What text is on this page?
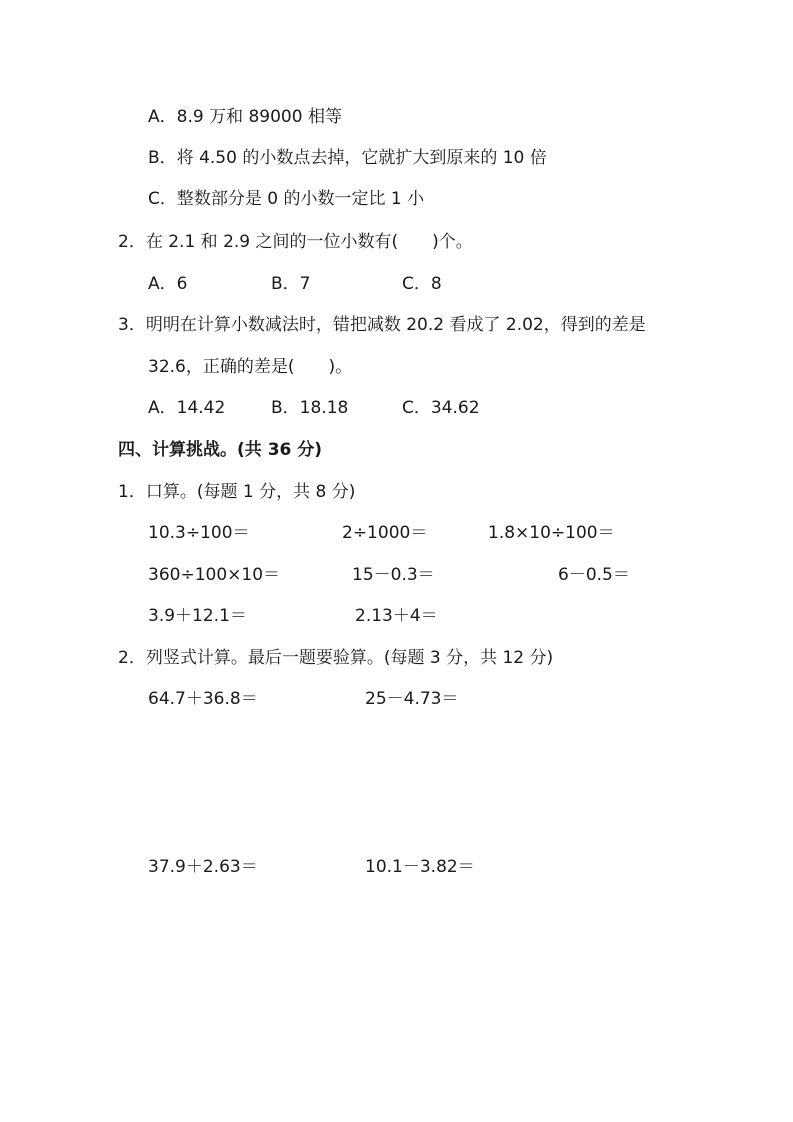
A．8.9 万和 89000 相等
B．将 4.50 的小数点去掉，它就扩大到原来的 10 倍
C．整数部分是 0 的小数一定比 1 小
2．在 2.1 和 2.9 之间的一位小数有(　　)个。
A．6	B．7	C．8
3．明明在计算小数减法时，错把减数 20.2 看成了 2.02，得到的差是
32.6，正确的差是(　　)。
A．14.42	B．18.18	C．34.62
四、计算挑战。(共 36 分)
1．口算。(每题 1 分，共 8 分)
10.3÷100＝	2÷1000＝	1.8×10÷100＝
360÷100×10＝	15－0.3＝	6－0.5＝
3.9＋12.1＝	2.13＋4＝
2．列竖式计算。最后一题要验算。(每题 3 分，共 12 分)
64.7＋36.8＝	25－4.73＝
37.9＋2.63＝	10.1－3.82＝
